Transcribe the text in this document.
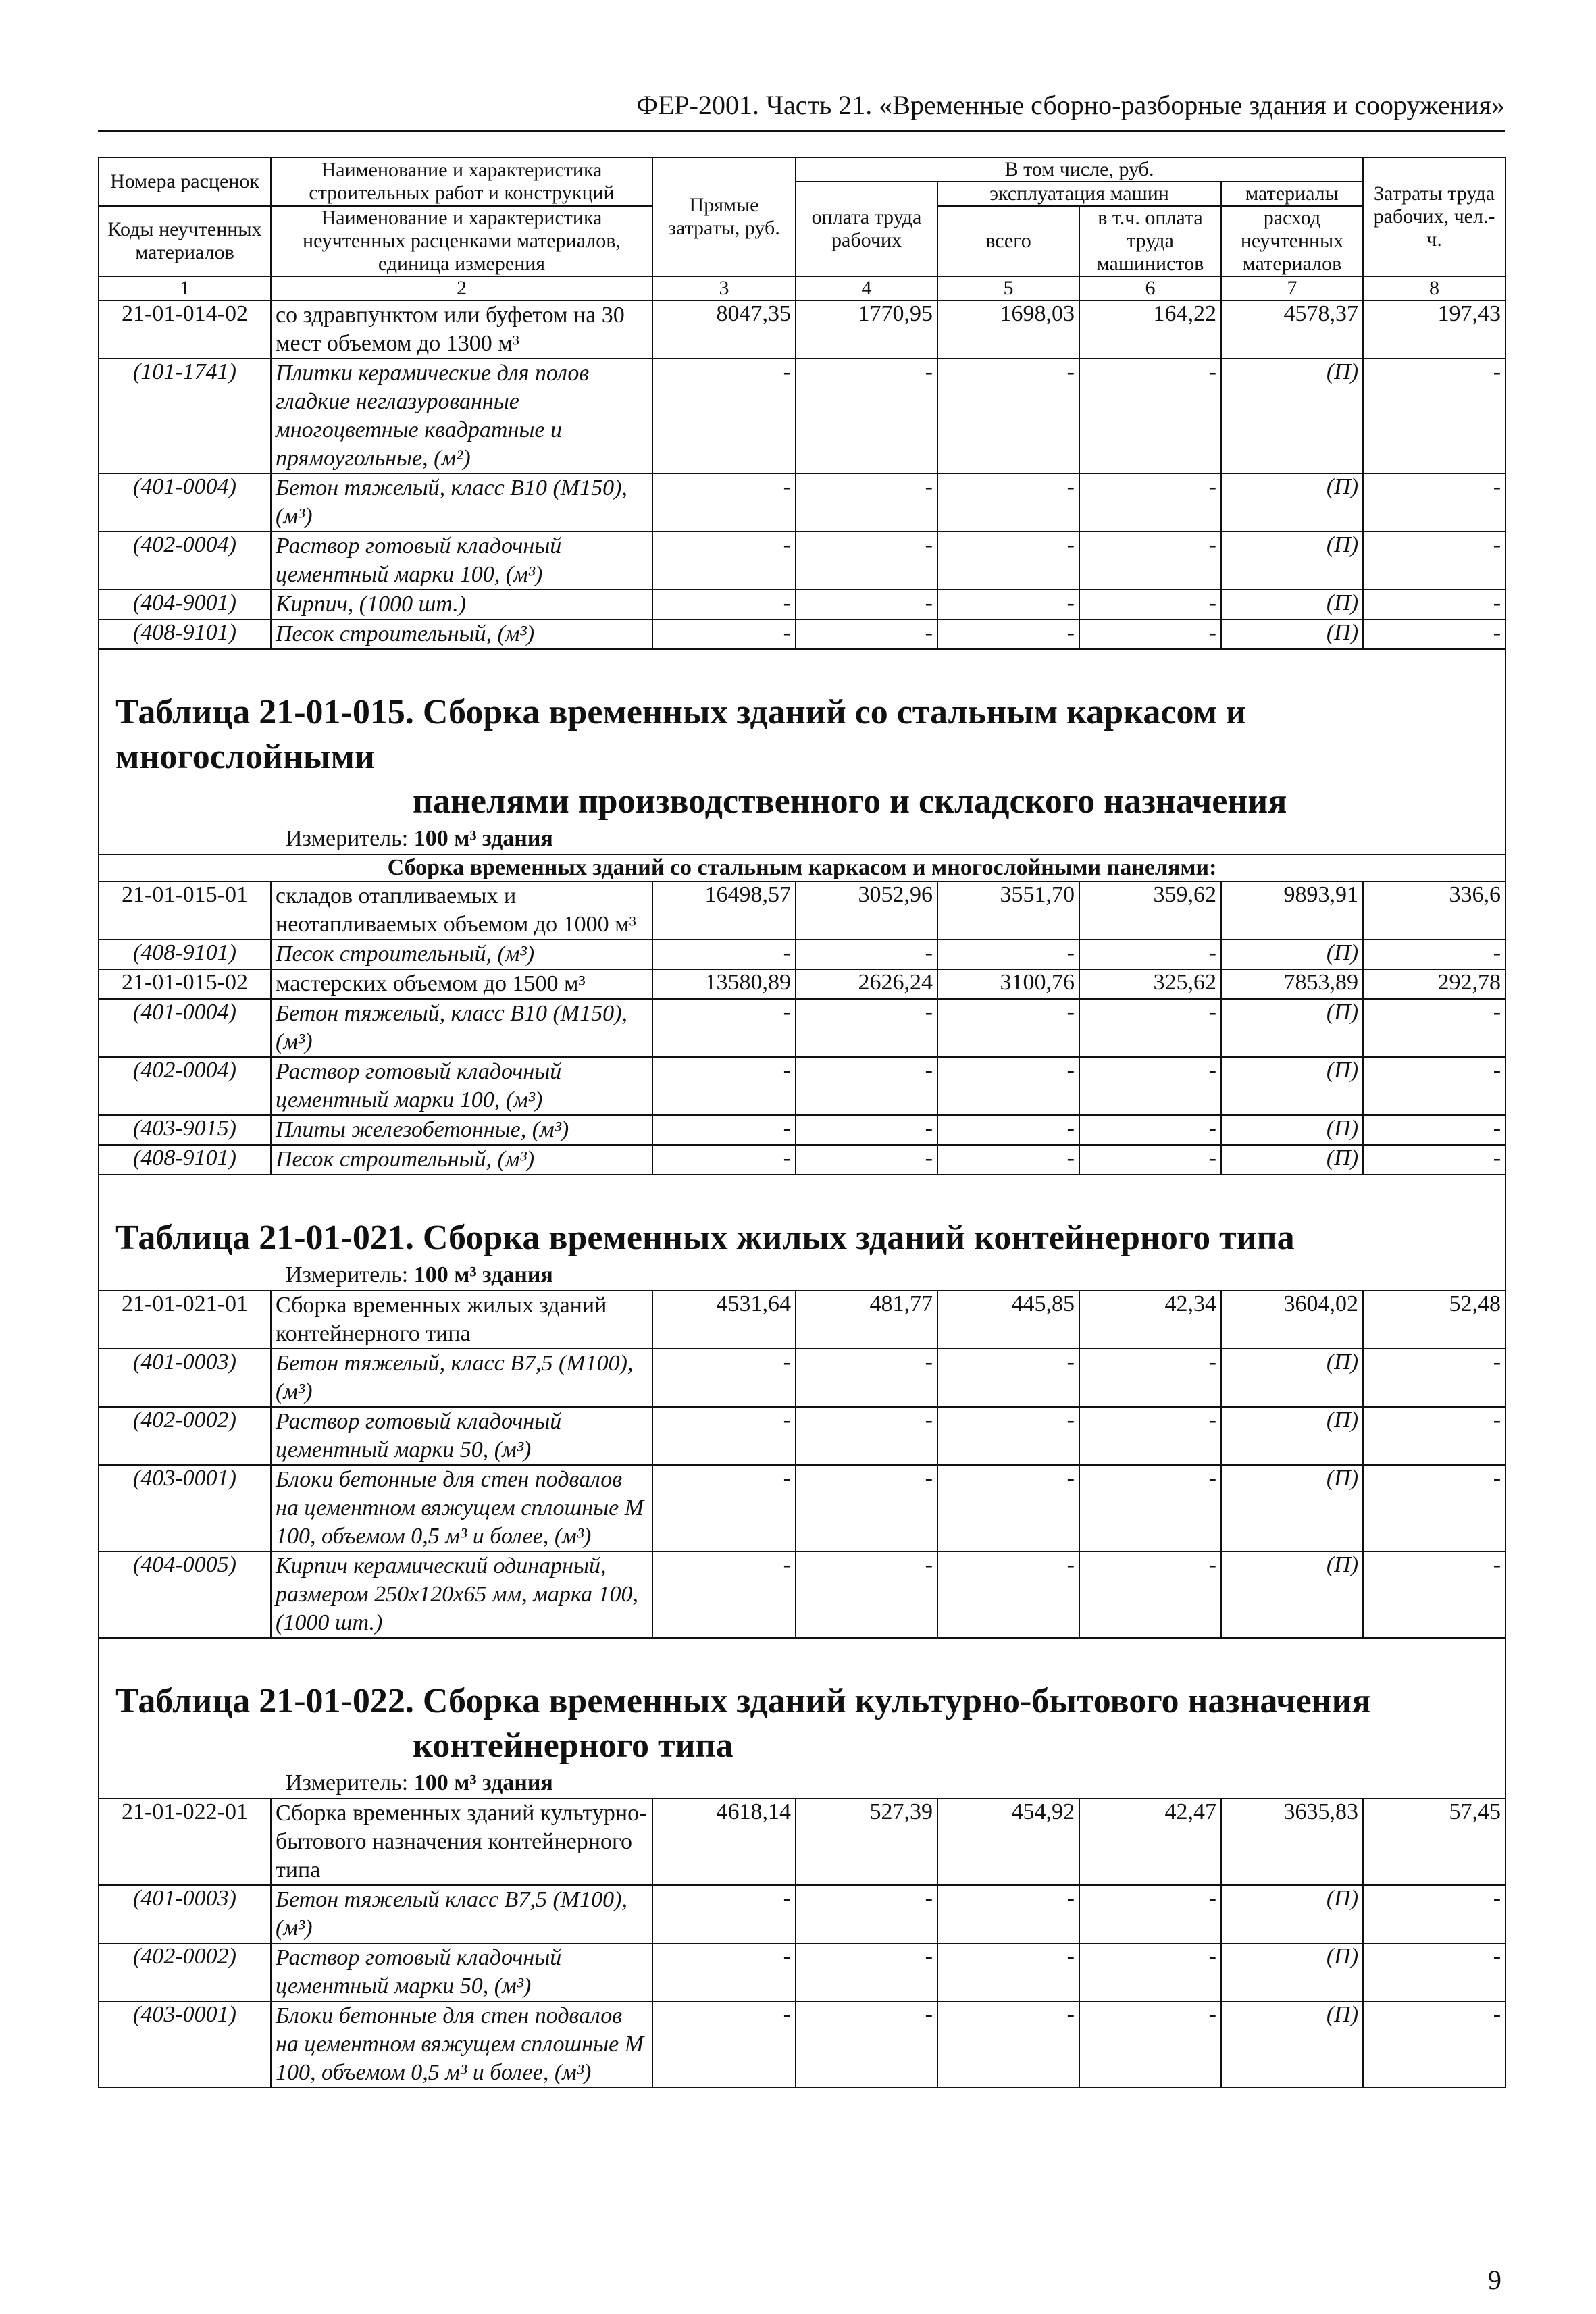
ФЕР-2001. Часть 21. «Временные сборно-разборные здания и сооружения»
Номера расценок	Наименование и характеристика строительных работ и конструкций	Прямые затраты, руб.	В том числе, руб.				Затраты труда рабочих, чел.-ч.
			оплата труда рабочих	эксплуатация машин		материалы	
Коды неучтенных материалов	Наименование и характеристика неучтенных расценками материалов, единица измерения			всего	в т.ч. оплата труда машинистов	расход неучтенных материалов	
1	2	3	4	5	6	7	8
21-01-014-02	со здравпунктом или буфетом на 30 мест объемом до 1300 м³	8047,35	1770,95	1698,03	164,22	4578,37	197,43
(101-1741)	Плитки керамические для полов гладкие неглазурованные многоцветные квадратные и прямоугольные, (м²)	-	-	-	-	(П)	-
(401-0004)	Бетон тяжелый, класс В10 (М150), (м³)	-	-	-	-	(П)	-
(402-0004)	Раствор готовый кладочный цементный марки 100, (м³)	-	-	-	-	(П)	-
(404-9001)	Кирпич, (1000 шт.)	-	-	-	-	(П)	-
(408-9101)	Песок строительный, (м³)	-	-	-	-	(П)	-

Таблица 21-01-015. Сборка временных зданий со стальным каркасом и многослойными
панелями производственного и складского назначения
Измеритель: 100 м³ здания							

Сборка временных зданий со стальным каркасом и многослойными панелями:							
21-01-015-01	складов отапливаемых и неотапливаемых объемом до 1000 м³	16498,57	3052,96	3551,70	359,62	9893,91	336,6
(408-9101)	Песок строительный, (м³)	-	-	-	-	(П)	-
21-01-015-02	мастерских объемом до 1500 м³	13580,89	2626,24	3100,76	325,62	7853,89	292,78
(401-0004)	Бетон тяжелый, класс В10 (М150), (м³)	-	-	-	-	(П)	-
(402-0004)	Раствор готовый кладочный цементный марки 100, (м³)	-	-	-	-	(П)	-
(403-9015)	Плиты железобетонные, (м³)	-	-	-	-	(П)	-
(408-9101)	Песок строительный, (м³)	-	-	-	-	(П)	-

Таблица 21-01-021. Сборка временных жилых зданий контейнерного типа
Измеритель: 100 м³ здания							

21-01-021-01	Сборка временных жилых зданий контейнерного типа	4531,64	481,77	445,85	42,34	3604,02	52,48
(401-0003)	Бетон тяжелый, класс В7,5 (М100), (м³)	-	-	-	-	(П)	-
(402-0002)	Раствор готовый кладочный цементный марки 50, (м³)	-	-	-	-	(П)	-
(403-0001)	Блоки бетонные для стен подвалов на цементном вяжущем сплошные М 100, объемом 0,5 м³ и более, (м³)	-	-	-	-	(П)	-
(404-0005)	Кирпич керамический одинарный, размером 250х120х65 мм, марка 100, (1000 шт.)	-	-	-	-	(П)	-

Таблица 21-01-022. Сборка временных зданий культурно-бытового назначения
контейнерного типа
Измеритель: 100 м³ здания							

21-01-022-01	Сборка временных зданий культурно-бытового назначения контейнерного типа	4618,14	527,39	454,92	42,47	3635,83	57,45
(401-0003)	Бетон тяжелый класс В7,5 (М100), (м³)	-	-	-	-	(П)	-
(402-0002)	Раствор готовый кладочный цементный марки 50, (м³)	-	-	-	-	(П)	-
(403-0001)	Блоки бетонные для стен подвалов на цементном вяжущем сплошные М 100, объемом 0,5 м³ и более, (м³)	-	-	-	-	(П)	-
9
